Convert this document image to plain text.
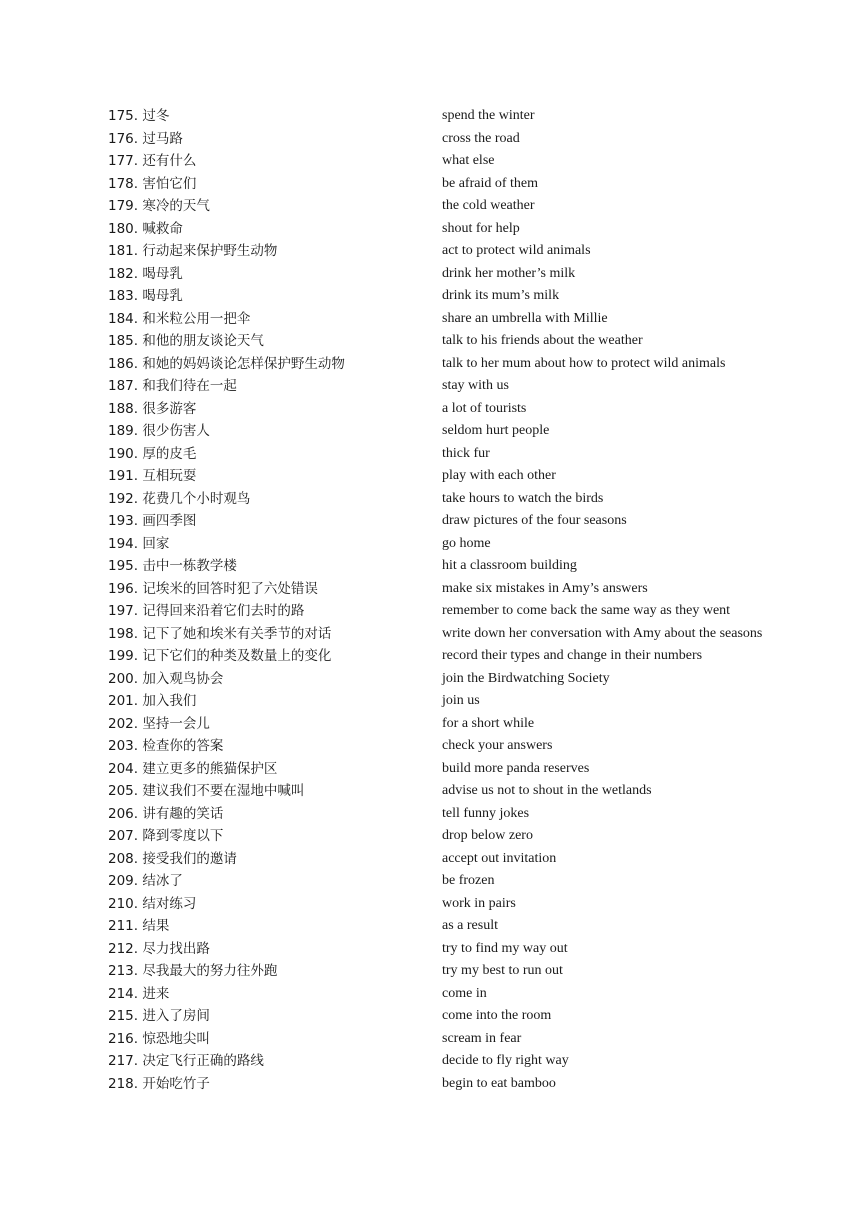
175. 过冬	spend the winter
176. 过马路	cross the road
177. 还有什么	what else
178. 害怕它们	be afraid of them
179. 寒冷的天气	the cold weather
180. 喊救命	shout for help
181. 行动起来保护野生动物	act to protect wild animals
182. 喝母乳	drink her mother’s milk
183. 喝母乳	drink its mum’s milk
184. 和米粒公用一把伞	share an umbrella with Millie
185. 和他的朋友谈论天气	talk to his friends about the weather
186. 和她的妈妈谈论怎样保护野生动物	talk to her mum about how to protect wild animals
187. 和我们待在一起	stay with us
188. 很多游客	a lot of tourists
189. 很少伤害人	seldom hurt people
190. 厚的皮毛	thick fur
191. 互相玩耍	play with each other
192. 花费几个小时观鸟	take hours to watch the birds
193. 画四季图	draw pictures of the four seasons
194. 回家	go home
195. 击中一栋教学楼	hit a classroom building
196. 记埃米的回答时犯了六处错误	make six mistakes in Amy’s answers
197. 记得回来沿着它们去时的路	remember to come back the same way as they went
198. 记下了她和埃米有关季节的对话	write down her conversation with Amy about the seasons
199. 记下它们的种类及数量上的变化	record their types and change in their numbers
200. 加入观鸟协会	join the Birdwatching Society
201. 加入我们	join us
202. 坚持一会儿	for a short while
203. 检查你的答案	check your answers
204. 建立更多的熊猫保护区	build more panda reserves
205. 建议我们不要在湿地中喊叫	advise us not to shout in the wetlands
206. 讲有趣的笑话	tell funny jokes
207. 降到零度以下	drop below zero
208. 接受我们的邀请	accept out invitation
209. 结冰了	be frozen
210. 结对练习	work in pairs
211. 结果	as a result
212. 尽力找出路	try to find my way out
213. 尽我最大的努力往外跑	try my best to run out
214. 进来	come in
215. 进入了房间	come into the room
216. 惊恐地尖叫	scream in fear
217. 决定飞行正确的路线	decide to fly right way
218. 开始吃竹子	begin to eat bamboo
